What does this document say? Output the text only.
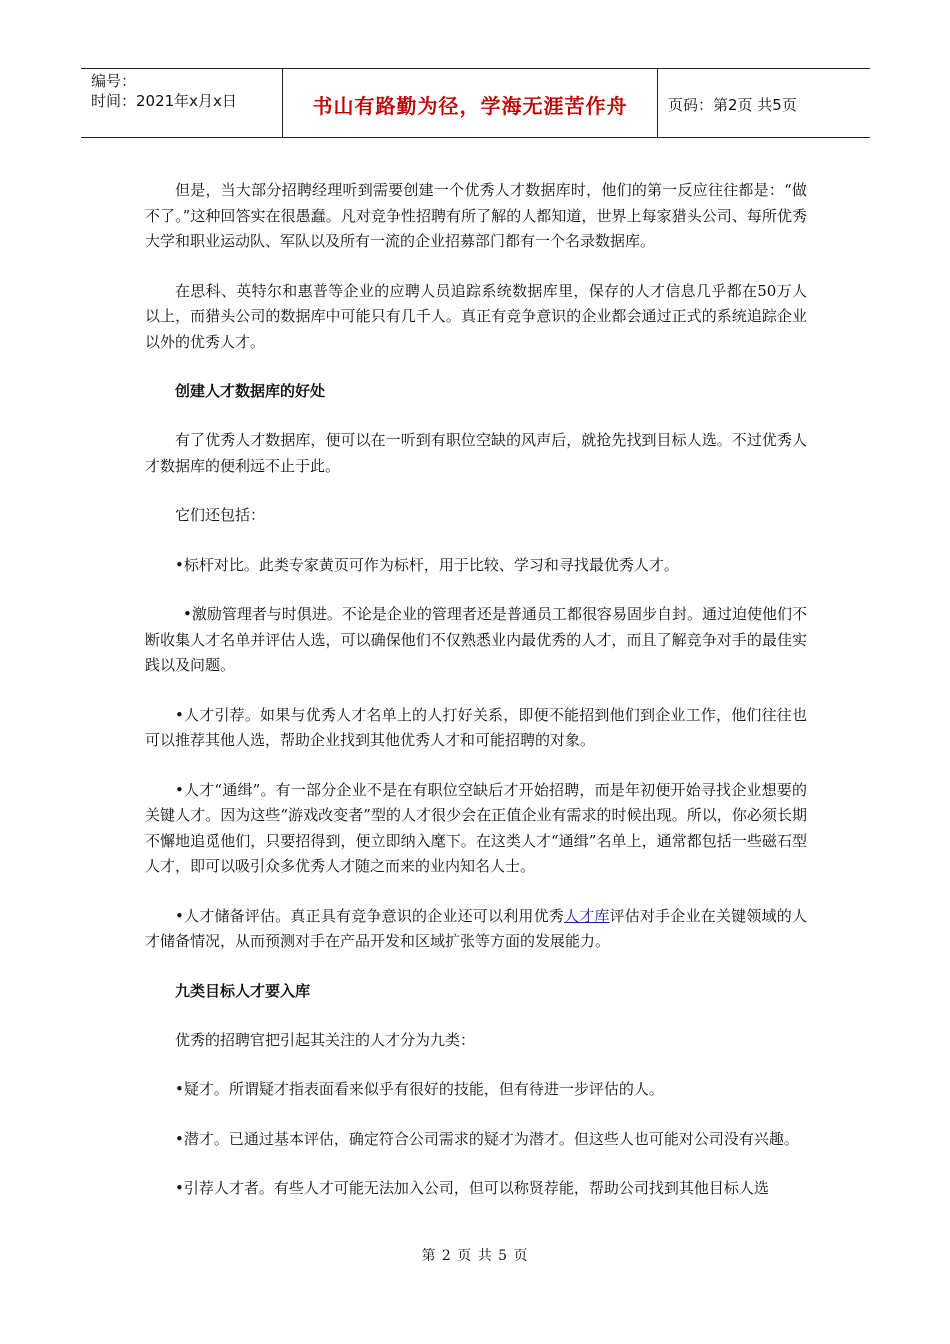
编号：
时间：2021年x月x日	书山有路勤为径，学海无涯苦作舟	页码：第2页 共5页

但是，当大部分招聘经理听到需要创建一个优秀人才数据库时，他们的第一反应往往都是：“做不了。”这种回答实在很愚蠢。凡对竞争性招聘有所了解的人都知道，世界上每家猎头公司、每所优秀大学和职业运动队、军队以及所有一流的企业招募部门都有一个名录数据库。

在思科、英特尔和惠普等企业的应聘人员追踪系统数据库里，保存的人才信息几乎都在50万人以上，而猎头公司的数据库中可能只有几千人。真正有竞争意识的企业都会通过正式的系统追踪企业以外的优秀人才。

创建人才数据库的好处

有了优秀人才数据库，便可以在一听到有职位空缺的风声后，就抢先找到目标人选。不过优秀人才数据库的便利远不止于此。

它们还包括：

•标杆对比。此类专家黄页可作为标杆，用于比较、学习和寻找最优秀人才。

•激励管理者与时俱进。不论是企业的管理者还是普通员工都很容易固步自封。通过迫使他们不断收集人才名单并评估人选，可以确保他们不仅熟悉业内最优秀的人才，而且了解竞争对手的最佳实践以及问题。

•人才引荐。如果与优秀人才名单上的人打好关系，即便不能招到他们到企业工作，他们往往也可以推荐其他人选，帮助企业找到其他优秀人才和可能招聘的对象。

•人才“通缉”。有一部分企业不是在有职位空缺后才开始招聘，而是年初便开始寻找企业想要的关键人才。因为这些“游戏改变者”型的人才很少会在正值企业有需求的时候出现。所以，你必须长期不懈地追觅他们，只要招得到，便立即纳入麾下。在这类人才“通缉”名单上，通常都包括一些磁石型人才，即可以吸引众多优秀人才随之而来的业内知名人士。

•人才储备评估。真正具有竞争意识的企业还可以利用优秀人才库评估对手企业在关键领域的人才储备情况，从而预测对手在产品开发和区域扩张等方面的发展能力。

九类目标人才要入库

优秀的招聘官把引起其关注的人才分为九类：

•疑才。所谓疑才指表面看来似乎有很好的技能，但有待进一步评估的人。

•潜才。已通过基本评估，确定符合公司需求的疑才为潜才。但这些人也可能对公司没有兴趣。

•引荐人才者。有些人才可能无法加入公司，但可以称贤荐能，帮助公司找到其他目标人选

第 2 页 共 5 页
